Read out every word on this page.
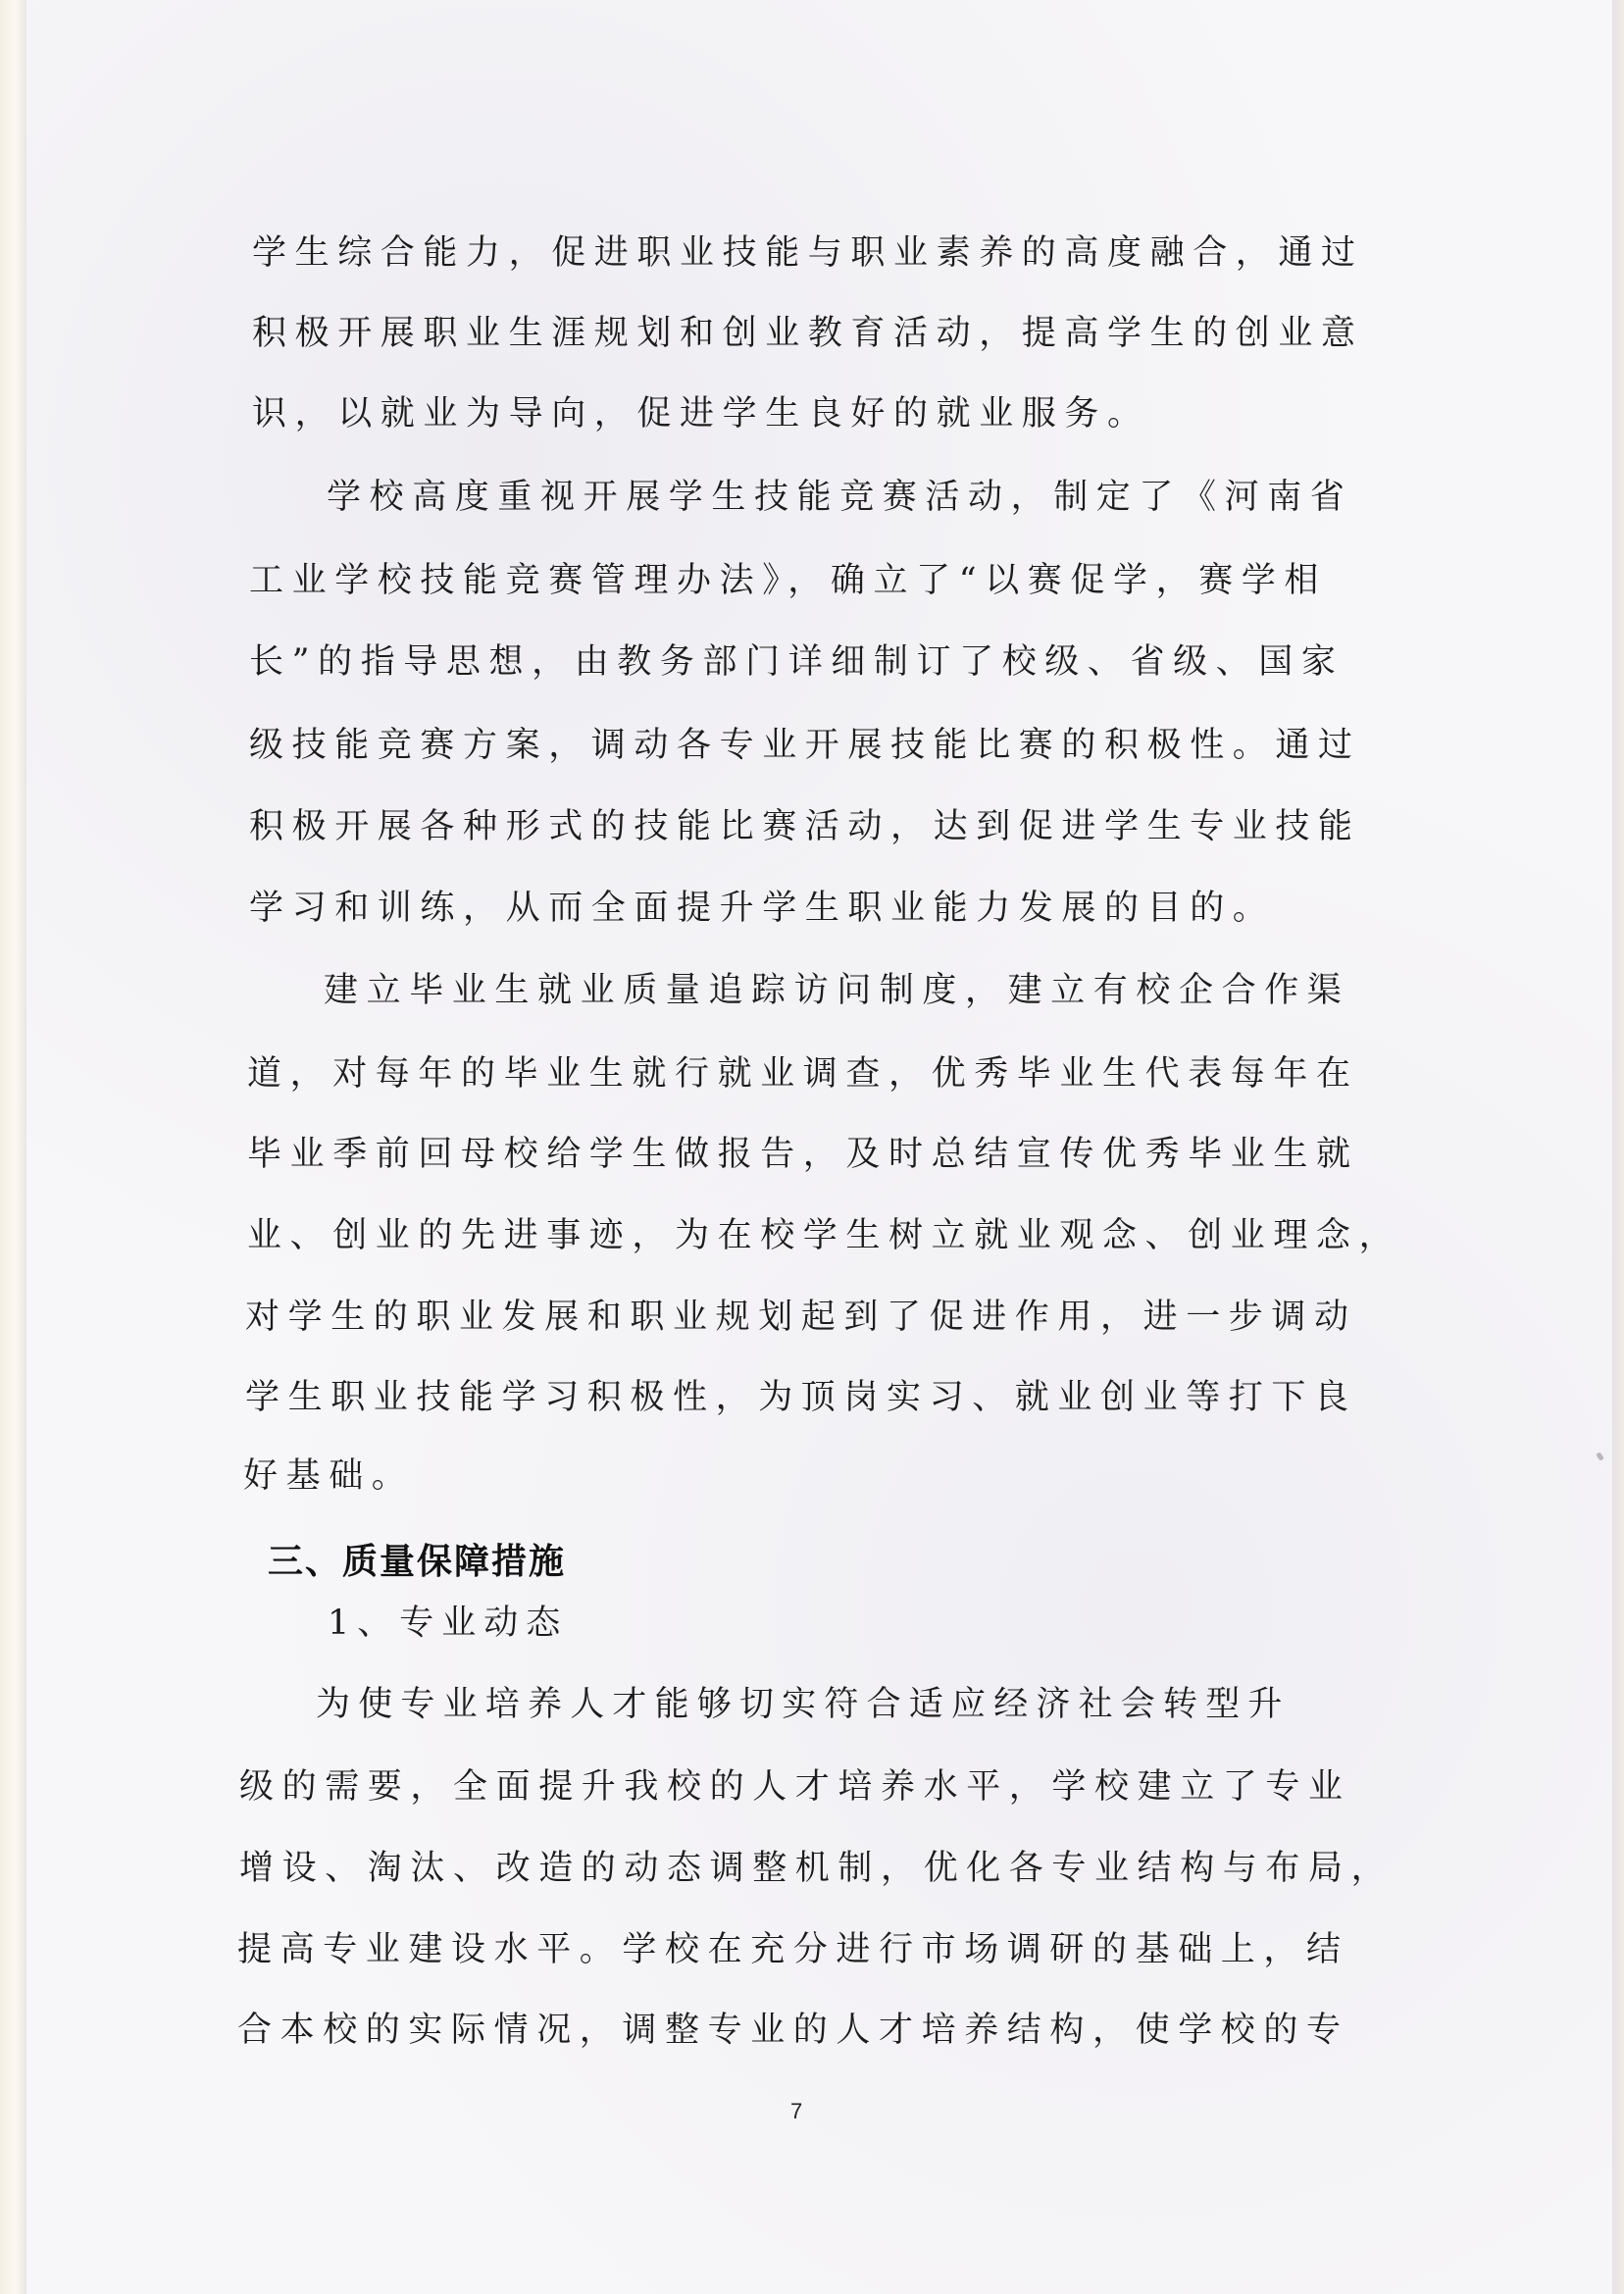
学生综合能力，促进职业技能与职业素养的高度融合，通过
积极开展职业生涯规划和创业教育活动，提高学生的创业意
识，以就业为导向，促进学生良好的就业服务。
学校高度重视开展学生技能竞赛活动，制定了《河南省
工业学校技能竞赛管理办法》，确立了“以赛促学，赛学相
长”的指导思想，由教务部门详细制订了校级、省级、国家
级技能竞赛方案，调动各专业开展技能比赛的积极性。通过
积极开展各种形式的技能比赛活动，达到促进学生专业技能
学习和训练，从而全面提升学生职业能力发展的目的。
建立毕业生就业质量追踪访问制度，建立有校企合作渠
道，对每年的毕业生就行就业调查，优秀毕业生代表每年在
毕业季前回母校给学生做报告，及时总结宣传优秀毕业生就
业、创业的先进事迹，为在校学生树立就业观念、创业理念，
对学生的职业发展和职业规划起到了促进作用，进一步调动
学生职业技能学习积极性，为顶岗实习、就业创业等打下良
好基础。
三、质量保障措施
1、专业动态
为使专业培养人才能够切实符合适应经济社会转型升
级的需要，全面提升我校的人才培养水平，学校建立了专业
增设、淘汰、改造的动态调整机制，优化各专业结构与布局，
提高专业建设水平。学校在充分进行市场调研的基础上，结
合本校的实际情况，调整专业的人才培养结构，使学校的专
7
